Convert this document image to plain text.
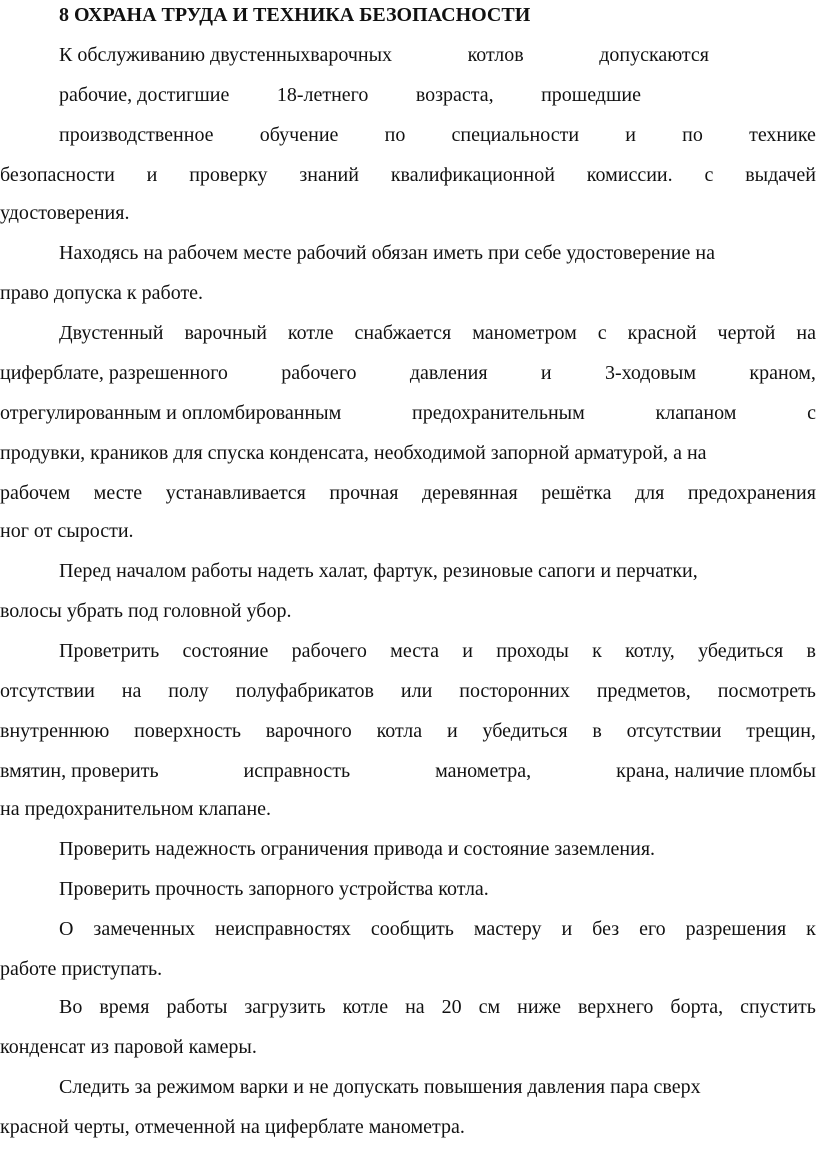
8 ОХРАНА ТРУДА И ТЕХНИКА БЕЗОПАСНОСТИ

К обслуживанию двустенныхварочных	котлов	допускаются

рабочие, достигшие 18-летнего возраста, прошедшие

производственное обучение по специальности и по технике

безопасности и проверку знаний квалификационной комиссии. с выдачей

удостоверения.

Находясь на рабочем месте рабочий обязан иметь при себе удостоверение на

право допуска к работе.

Двустенный варочный котле снабжается манометром с красной чертой на

циферблате, разрешенного	рабочего	давления	и	3-ходовым	краном,

отрегулированным и опломбированным	предохранительным	клапаном	с

продувки, краников для спуска конденсата, необходимой запорной арматурой, а на

рабочем месте устанавливается прочная деревянная решётка для предохранения

ног от сырости.

Перед началом работы надеть халат, фартук, резиновые сапоги и перчатки,

волосы убрать под головной убор.

Проветрить состояние рабочего места и проходы к котлу, убедиться в

отсутствии на полу полуфабрикатов или посторонних предметов, посмотреть

внутреннюю поверхность варочного котла и убедиться в отсутствии трещин,

вмятин, проверить	исправность	манометра,	крана, наличие пломбы

на предохранительном клапане.

Проверить надежность ограничения привода и состояние заземления.

Проверить прочность запорного устройства котла.

О замеченных неисправностях сообщить мастеру и без его разрешения к

работе приступать.

Во время работы загрузить котле на 20 см ниже верхнего борта, спустить

конденсат из паровой камеры.

Следить за режимом варки и не допускать повышения давления пара сверх

красной черты, отмеченной на циферблате манометра.
